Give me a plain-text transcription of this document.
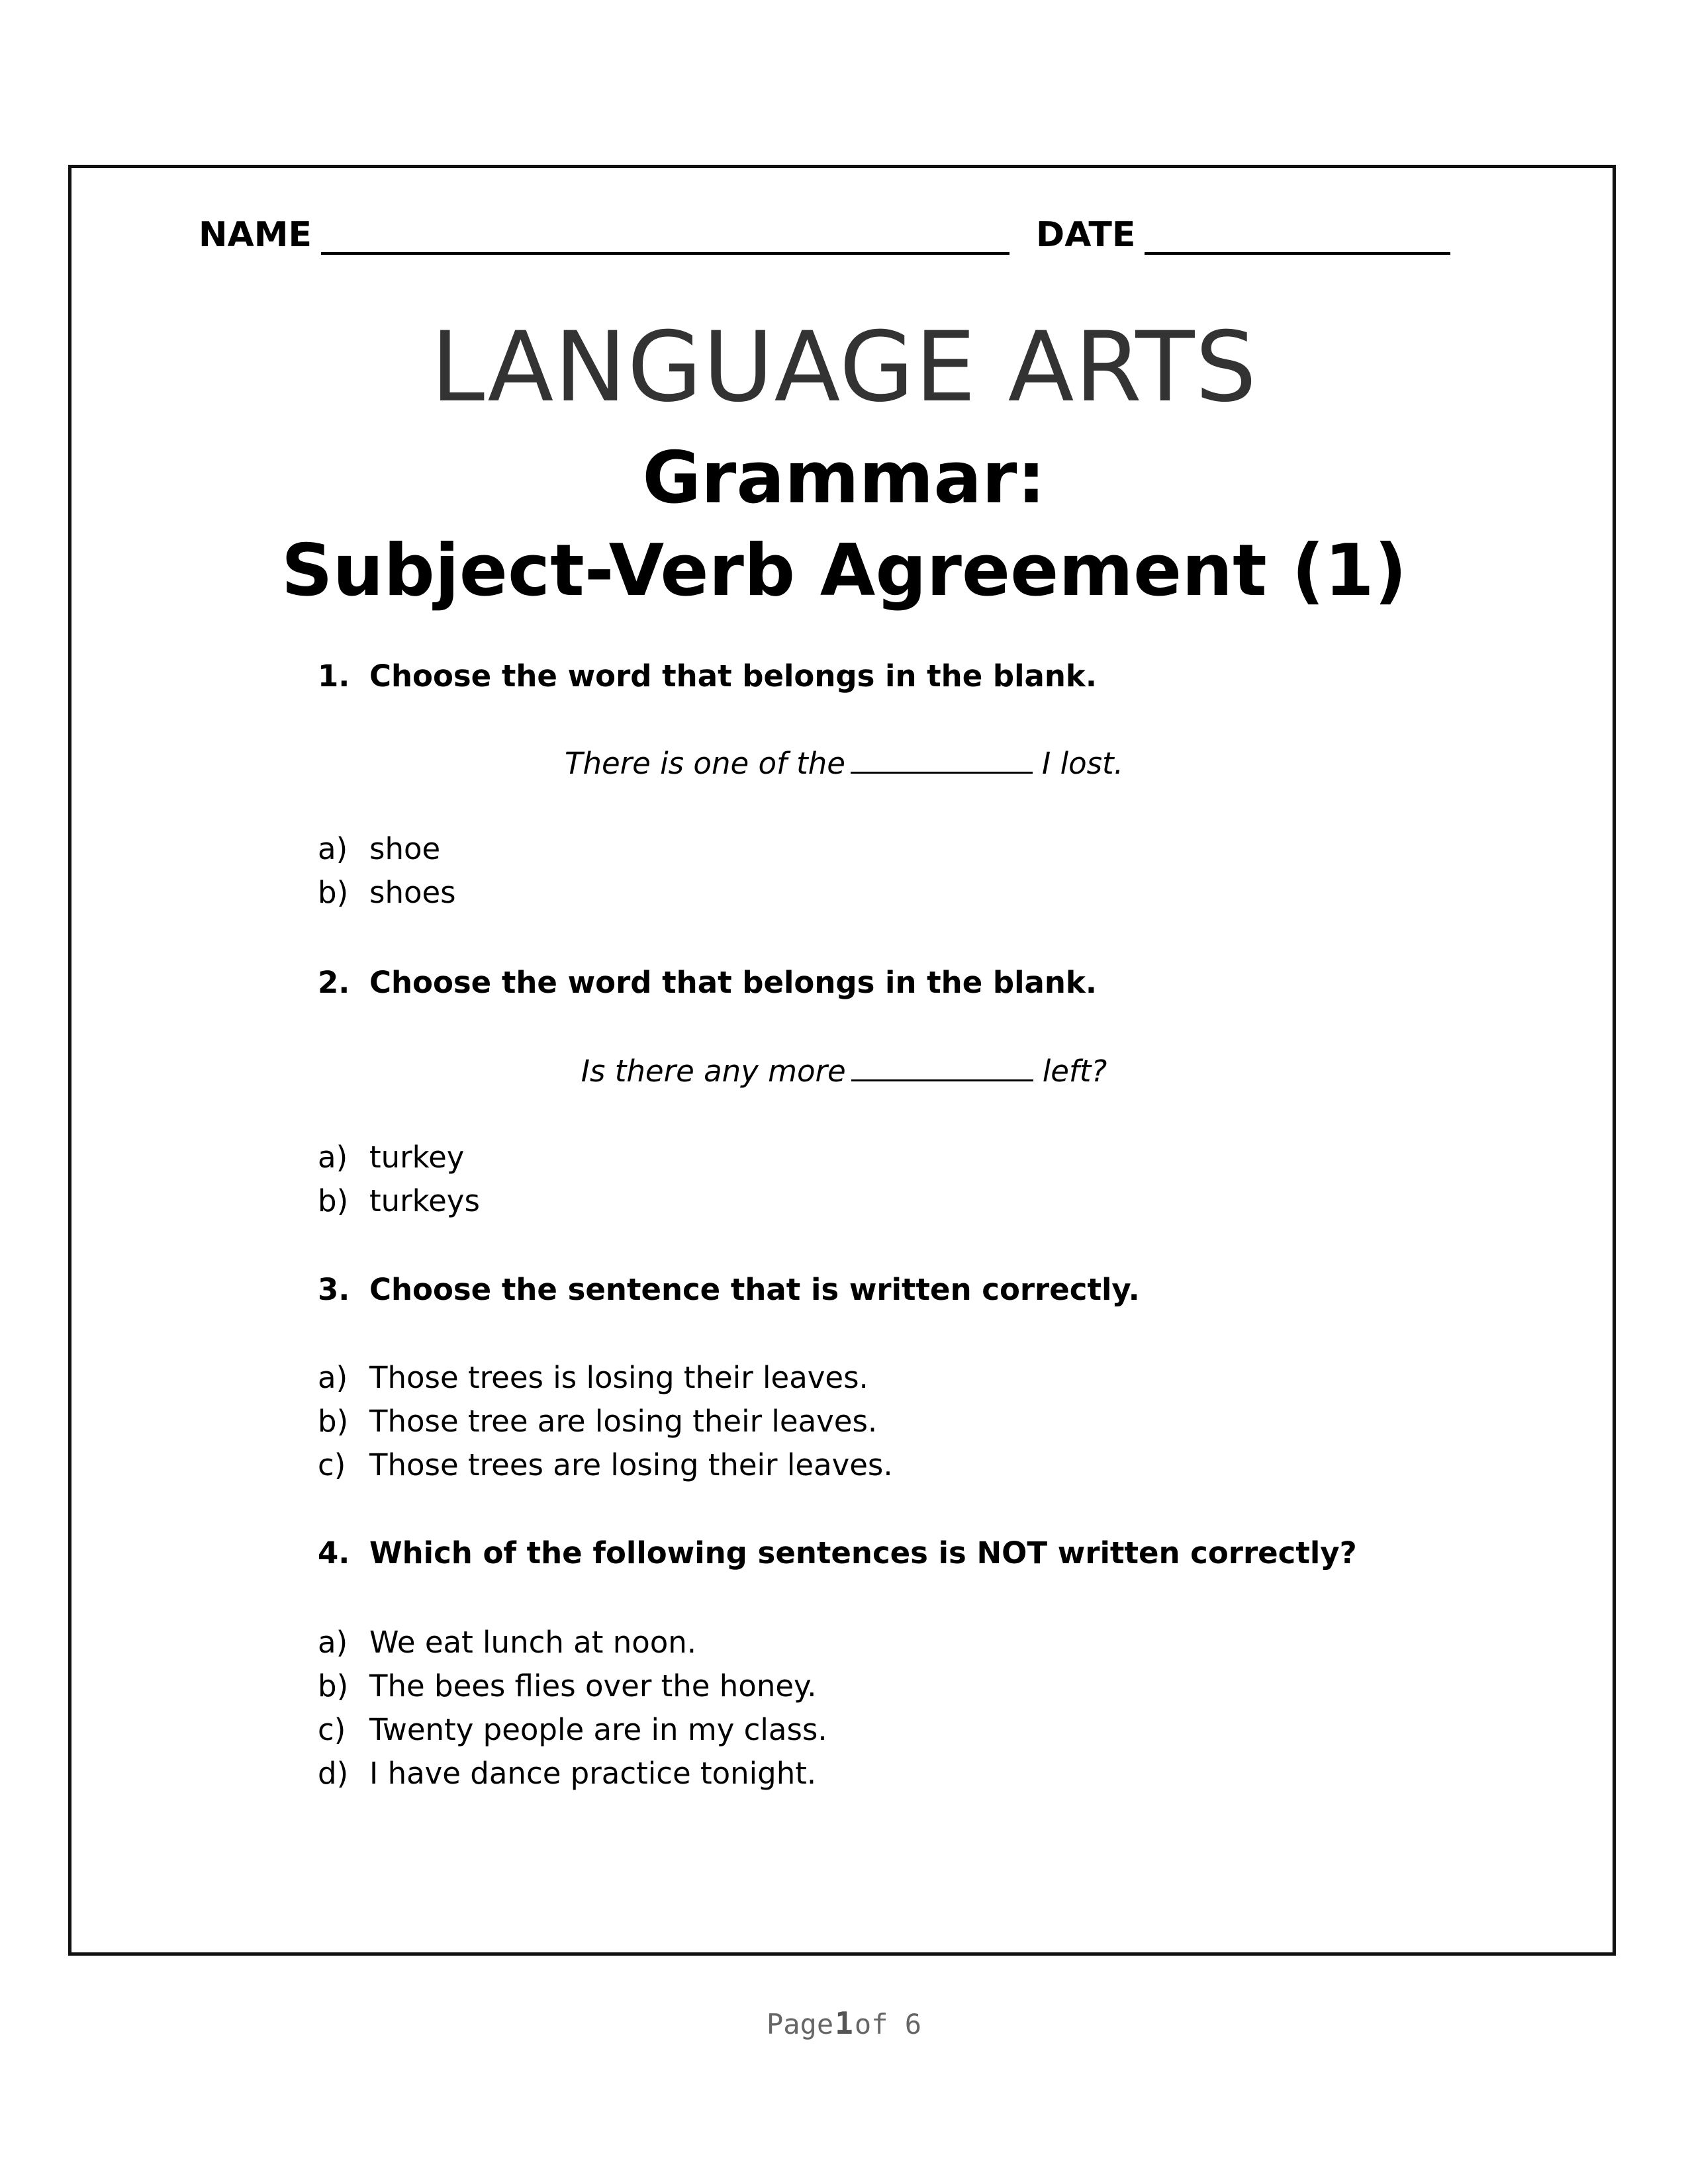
NAME	DATE
LANGUAGE ARTS
Grammar:
Subject-Verb Agreement (1)
1. Choose the word that belongs in the blank.
There is one of the	I lost.
a) shoe
b) shoes
2. Choose the word that belongs in the blank.
Is there any more	left?
a) turkey
b) turkeys
3. Choose the sentence that is written correctly.
a) Those trees is losing their leaves.
b) Those tree are losing their leaves.
c) Those trees are losing their leaves.
4. Which of the following sentences is NOT written correctly?
a) We eat lunch at noon.
b) The bees flies over the honey.
c) Twenty people are in my class.
d) I have dance practice tonight.
Page1of 6
